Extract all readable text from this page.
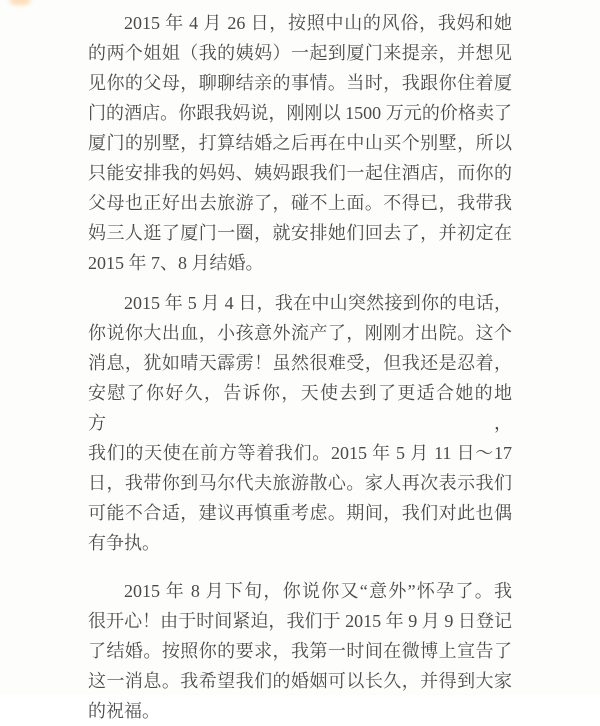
2015 年 4 月 26 日，按照中山的风俗，我妈和她
的两个姐姐（我的姨妈）一起到厦门来提亲，并想见
见你的父母，聊聊结亲的事情。当时，我跟你住着厦
门的酒店。你跟我妈说，刚刚以 1500 万元的价格卖了
厦门的别墅，打算结婚之后再在中山买个别墅，所以
只能安排我的妈妈、姨妈跟我们一起住酒店，而你的
父母也正好出去旅游了，碰不上面。不得已，我带我
妈三人逛了厦门一圈，就安排她们回去了，并初定在
2015 年 7、8 月结婚。

2015 年 5 月 4 日，我在中山突然接到你的电话，
你说你大出血，小孩意外流产了，刚刚才出院。这个
消息，犹如晴天霹雳！虽然很难受，但我还是忍着，
安慰了你好久，告诉你，天使去到了更适合她的地方，
我们的天使在前方等着我们。2015 年 5 月 11 日～17
日，我带你到马尔代夫旅游散心。家人再次表示我们
可能不合适，建议再慎重考虑。期间，我们对此也偶
有争执。

2015 年 8 月下旬，你说你又“意外”怀孕了。我
很开心！由于时间紧迫，我们于 2015 年 9 月 9 日登记
了结婚。按照你的要求，我第一时间在微博上宣告了
这一消息。我希望我们的婚姻可以长久，并得到大家
的祝福。
